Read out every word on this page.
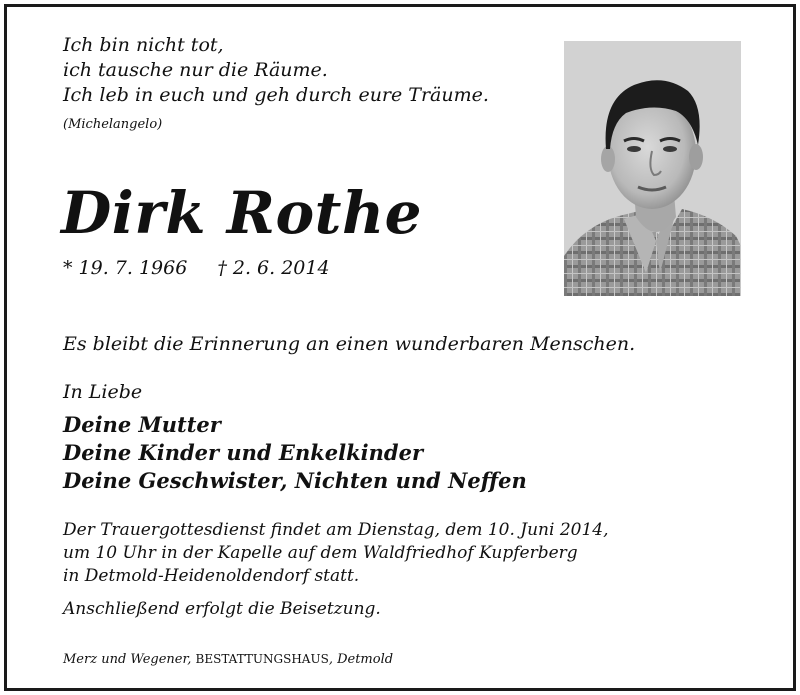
Ich bin nicht tot,
ich tausche nur die Räume.
Ich leb in euch und geh durch eure Träume.
(Michelangelo)
Dirk Rothe
* 19. 7. 1966 † 2. 6. 2014
Es bleibt die Erinnerung an einen wunderbaren Menschen.
In Liebe
Deine Mutter
Deine Kinder und Enkelkinder
Deine Geschwister, Nichten und Neffen
Der Trauergottesdienst findet am Dienstag, dem 10. Juni 2014,
um 10 Uhr in der Kapelle auf dem Waldfriedhof Kupferberg
in Detmold-Heidenoldendorf statt.
Anschließend erfolgt die Beisetzung.
Merz und Wegener, BESTATTUNGSHAUS, Detmold
